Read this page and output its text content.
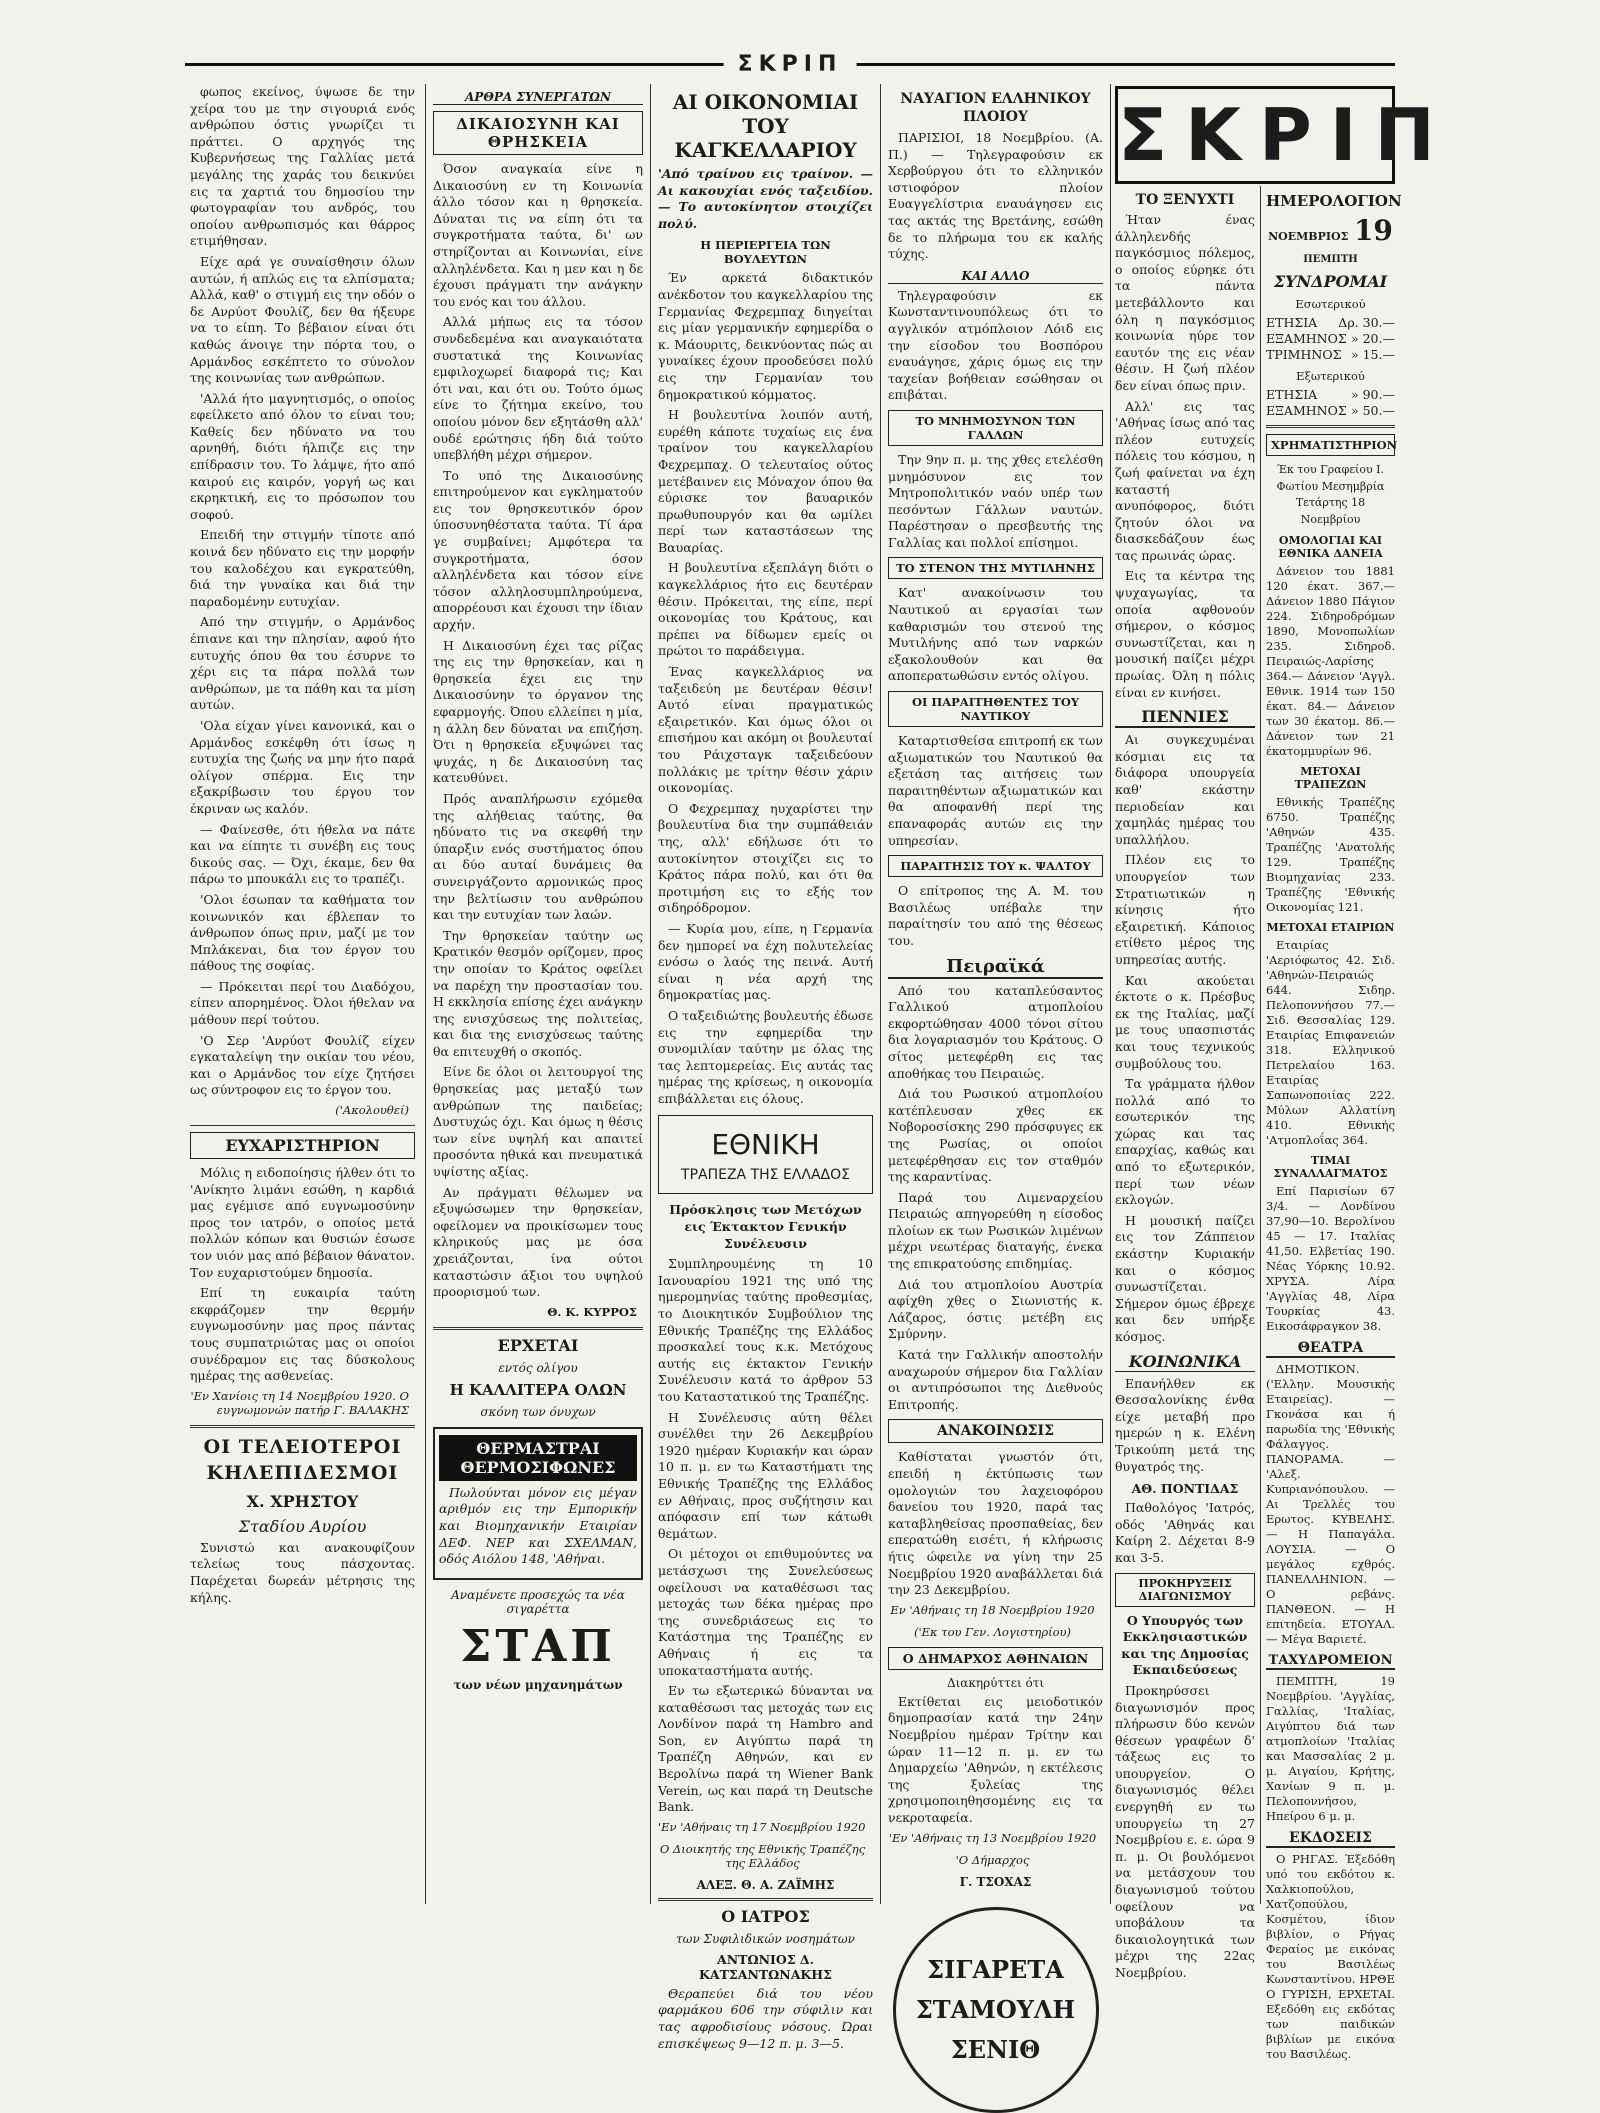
ΣΚΡΙΠ

φωπος εκείνος, ύψωσε δε την χείρα του με την σιγουριά ενός ανθρώπου όστις γνωρίζει τι πράττει. Ο αρχηγός της Κυβερνήσεως της Γαλλίας μετά μεγάλης της χαράς του δεικνύει εις τα χαρτιά του δημοσίου την φωτογραφίαν του ανδρός, του οποίου ανθρωπισμός και θάρρος ετιμήθησαν.

Είχε αρά γε συναίσθησιν όλων αυτών, ή απλώς εις τα ελπίσματα; Αλλά, καθ' ο στιγμή εις την οδόν ο δε Ανρύοτ Φουλίζ, δεν θα ήξευρε να το είπη. Το βέβαιον είναι ότι καθώς άνοιγε την πόρτα του, ο Αρμάνδος εσκέπτετο το σύνολον της κοινωνίας των ανθρώπων.

'Αλλά ήτο μαγνητισμός, ο οποίος εφείλκετο από όλον το είναι του; Καθείς δεν ηδύνατο να του αρνηθή, διότι ήλπιζε εις την επίδρασιν του. Το λάμψε, ήτο από καιρού εις καιρόν, γοργή ως και εκρηκτική, εις το πρόσωπον του σοφού.

Επειδή την στιγμήν τίποτε από κοινά δεν ηδύνατο εις την μορφήν του καλοδέχου και εγκρατεύθη, διά την γυναίκα και διά την παραδομένην ευτυχίαν.

Από την στιγμήν, ο Αρμάνδος έπιανε και την πλησίαν, αφού ήτο ευτυχής όπου θα του έσυρνε το χέρι εις τα πάρα πολλά των ανθρώπων, με τα πάθη και τα μίση αυτών.

'Ολα είχαν γίνει κανονικά, και ο Αρμάνδος εσκέφθη ότι ίσως η ευτυχία της ζωής να μην ήτο παρά ολίγον σπέρμα. Εις την εξακρίβωσιν του έργου τον έκριναν ως καλόν.

— Φαίνεσθε, ότι ήθελα να πάτε και να είπητε τι συνέβη εις τους δικούς σας. — Όχι, έκαμε, δεν θα πάρω το μπουκάλι εις το τραπέζι.

'Ολοι έσωπαν τα καθήματα τον κοινωνικόν και έβλεπαν το άνθρωπον όπως πριν, μαζί με τον Μπλάκεναι, δια τον έργον του πάθους της σοφίας.

— Πρόκειται περί του Διαδόχου, είπεν απορημένος. Όλοι ήθελαν να μάθουν περί τούτου.

'Ο Σερ 'Ανρύοτ Φουλίζ είχεν εγκαταλείψη την οικίαν του νέου, και ο Αρμάνδος τον είχε ζητήσει ως σύντροφον εις το έργον του.

('Ακολουθεί)
ΕΥΧΑΡΙΣΤΗΡΙΟΝ

Μόλις η ειδοποίησις ήλθεν ότι το 'Ανίκητο λιμάνι εσώθη, η καρδιά μας εγέμισε από ευγνωμοσύνην προς τον ιατρόν, ο οποίος μετά πολλών κόπων και θυσιών έσωσε τον υιόν μας από βέβαιον θάνατον. Τον ευχαριστούμεν δημοσία.

Επί τη ευκαιρία ταύτη εκφράζομεν την θερμήν ευγνωμοσύνην μας προς πάντας τους συμπατριώτας μας οι οποίοι συνέδραμον εις τας δύσκολους ημέρας της ασθενείας.

'Εν Χανίοις τη 14 Νοεμβρίου 1920. Ο ευγνωμονών πατήρ Γ. ΒΑΛΑΚΗΣ
ΟΙ ΤΕΛΕΙΟΤΕΡΟΙ ΚΗΛΕΠΙΔΕΣΜΟΙ
Χ. ΧΡΗΣΤΟΥ
Σταδίου Αυρίου

Συνιστώ και ανακουφίζουν τελείως τους πάσχοντας. Παρέχεται δωρεάν μέτρησις της κήλης.

ΑΡΘΡΑ ΣΥΝΕΡΓΑΤΩΝ
ΔΙΚΑΙΟΣΥΝΗ ΚΑΙ ΘΡΗΣΚΕΙΑ

Όσον αναγκαία είνε η Δικαιοσύνη εν τη Κοινωνία άλλο τόσον και η θρησκεία. Δύναται τις να είπη ότι τα συγκροτήματα ταύτα, δι' ων στηρίζονται αι Κοινωνίαι, είνε αλληλένδετα. Και η μεν και η δε έχουσι πράγματι την ανάγκην του ενός και του άλλου.

Αλλά μήπως εις τα τόσον συνδεδεμένα και αναγκαιότατα συστατικά της Κοινωνίας εμφιλοχωρεί διαφορά τις; Και ότι ναι, και ότι ου. Τούτο όμως είνε το ζήτημα εκείνο, του οποίου μόνον δεν εξητάσθη αλλ' ουδέ ερώτησις ήδη διά τούτο υπεβλήθη μέχρι σήμερον.

Το υπό της Δικαιοσύνης επιτηρούμενον και εγκληματούν εις τον θρησκευτικόν όρον ύποσυνηθέστατα ταύτα. Τί άρα γε συμβαίνει; Αμφότερα τα συγκροτήματα, όσον αλληλένδετα και τόσον είνε τόσον αλληλοσυμπληρούμενα, απορρέουσι και έχουσι την ίδιαν αρχήν.

Η Δικαιοσύνη έχει τας ρίζας της εις την θρησκείαν, και η θρησκεία έχει εις την Δικαιοσύνην το όργανον της εφαρμογής. Όπου ελλείπει η μία, η άλλη δεν δύναται να επιζήση. Ότι η θρησκεία εξυψώνει τας ψυχάς, η δε Δικαιοσύνη τας κατευθύνει.

Πρός αναπλήρωσιν εχόμεθα της αλήθειας ταύτης, θα ηδύνατο τις να σκεφθή την ύπαρξιν ενός συστήματος όπου αι δύο αυταί δυνάμεις θα συνειργάζοντο αρμονικώς προς την βελτίωσιν του ανθρώπου και την ευτυχίαν των λαών.

Την θρησκείαν ταύτην ως Κρατικόν θεσμόν ορίζομεν, προς την οποίαν το Κράτος οφείλει να παρέχη την προστασίαν του. Η εκκλησία επίσης έχει ανάγκην της ενισχύσεως της πολιτείας, και δια της ενισχύσεως ταύτης θα επιτευχθή ο σκοπός.

Είνε δε όλοι οι λειτουργοί της θρησκείας μας μεταξύ των ανθρώπων της παιδείας; Δυστυχώς όχι. Και όμως η θέσις των είνε υψηλή και απαιτεί προσόντα ηθικά και πνευματικά υψίστης αξίας.

Αν πράγματι θέλωμεν να εξυψώσωμεν την θρησκείαν, οφείλομεν να προικίσωμεν τους κληρικούς μας με όσα χρειάζονται, ίνα ούτοι καταστώσιν άξιοι του υψηλού προορισμού των.

Θ. Κ. ΚΥΡΡΟΣ
ΕΡΧΕΤΑΙ
εντός ολίγου
Η ΚΑΛΛΙΤΕΡΑ ΟΛΩΝ
σκόνη των όνυχων
ΘΕΡΜΑΣΤΡΑΙ ΘΕΡΜΟΣΙΦΩΝΕΣ

Πωλούνται μόνον εις μέγαν αριθμόν εις την Εμπορικήν και Βιομηχανικήν Εταιρίαν ΔΕΦ. ΝΕΡ και ΣΧΕΛΜΑΝ, οδός Αιόλου 148, 'Αθήναι.

Αναμένετε προσεχώς τα νέα σιγαρέττα
ΣΤΑΠ
των νέων μηχανημάτων
ΑΙ ΟΙΚΟΝΟΜΙΑΙ ΤΟΥ ΚΑΓΚΕΛΛΑΡΙΟΥ

'Από τραίνου εις τραίνον. — Αι κακουχίαι ενός ταξειδίου. — Το αυτοκίνητον στοιχίζει πολύ.

Η ΠΕΡΙΕΡΓΕΙΑ ΤΩΝ ΒΟΥΛΕΥΤΩΝ

Έν αρκετά διδακτικόν ανέκδοτον του καγκελλαρίου της Γερμανίας Φεχρεμπαχ διηγείται εις μίαν γερμανικήν εφημερίδα ο κ. Μάουριτς, δεικνύοντας πώς αι γυναίκες έχουν προοδεύσει πολύ εις την Γερμανίαν του δημοκρατικού κόμματος.

Η βουλευτίνα λοιπόν αυτή, ευρέθη κάποτε τυχαίως εις ένα τραίνον του καγκελλαρίου Φεχρεμπαχ. Ο τελευταίος ούτος μετέβαινεν εις Μόναχον όπου θα εύρισκε τον βαυαρικόν πρωθυπουργόν και θα ωμίλει περί των καταστάσεων της Βαυαρίας.

Η βουλευτίνα εξεπλάγη διότι ο καγκελλάριος ήτο εις δευτέραν θέσιν. Πρόκειται, της είπε, περί οικονομίας του Κράτους, και πρέπει να δίδωμεν εμείς οι πρώτοι το παράδειγμα.

Ένας καγκελλάριος να ταξειδεύη με δευτέραν θέσιν! Αυτό είναι πραγματικώς εξαιρετικόν. Και όμως όλοι οι επισήμου και ακόμη οι βουλευταί του Ράιχσταγκ ταξειδεύουν πολλάκις με τρίτην θέσιν χάριν οικονομίας.

Ο Φεχρεμπαχ ηυχαρίστει την βουλευτίνα δια την συμπάθειάν της, αλλ' εδήλωσε ότι το αυτοκίνητον στοιχίζει εις το Κράτος πάρα πολύ, και ότι θα προτιμήση εις το εξής τον σιδηρόδρομον.

— Κυρία μου, είπε, η Γερμανία δεν ημπορεί να έχη πολυτελείας ενόσω ο λαός της πεινά. Αυτή είναι η νέα αρχή της δημοκρατίας μας.

Ο ταξειδιώτης βουλευτής έδωσε εις την εφημερίδα την συνομιλίαν ταύτην με όλας της τας λεπτομερείας. Εις αυτάς τας ημέρας της κρίσεως, η οικονομία επιβάλλεται εις όλους.

ΕΘΝΙΚΗ
ΤΡΑΠΕΖΑ ΤΗΣ ΕΛΛΑΔΟΣ

Πρόσκλησις των Μετόχων εις Έκτακτον Γενικήν Συνέλευσιν

Συμπληρουμένης τη 10 Ιανουαρίου 1921 της υπό της ημερομηνίας ταύτης προθεσμίας, το Διοικητικόν Συμβούλιον της Εθνικής Τραπέζης της Ελλάδος προσκαλεί τους κ.κ. Μετόχους αυτής εις έκτακτον Γενικήν Συνέλευσιν κατά το άρθρον 53 του Καταστατικού της Τραπέζης.

Η Συνέλευσις αύτη θέλει συνέλθει την 26 Δεκεμβρίου 1920 ημέραν Κυριακήν και ώραν 10 π. μ. εν τω Καταστήματι της Εθνικής Τραπέζης της Ελλάδος εν Αθήναις, προς συζήτησιν και απόφασιν επί των κάτωθι θεμάτων.

Οι μέτοχοι οι επιθυμούντες να μετάσχωσι της Συνελεύσεως οφείλουσι να καταθέσωσι τας μετοχάς των δέκα ημέρας προ της συνεδριάσεως εις το Κατάστημα της Τραπέζης εν Αθήναις ή εις τα υποκαταστήματα αυτής.

Εν τω εξωτερικώ δύνανται να καταθέσωσι τας μετοχάς των εις Λονδίνον παρά τη Hambro and Son, εν Αιγύπτω παρά τη Τραπέζη Αθηνών, και εν Βερολίνω παρά τη Wiener Bank Verein, ως και παρά τη Deutsche Bank.

'Εν 'Αθήναις τη 17 Νοεμβρίου 1920
Ο Διοικητής της Εθνικής Τραπέζης της Ελλάδος
ΑΛΕΞ. Θ. Α. ΖΑΪΜΗΣ
Ο ΙΑΤΡΟΣ
των Συφιλιδικών νοσημάτων
ΑΝΤΩΝΙΟΣ Δ. ΚΑΤΣΑΝΤΩΝΑΚΗΣ

Θεραπεύει διά του νέου φαρμάκου 606 την σύφιλιν και τας αφροδισίους νόσους. Ώραι επισκέψεως 9—12 π. μ. 3—5.

ΝΑΥΑΓΙΟΝ ΕΛΛΗΝΙΚΟΥ ΠΛΟΙΟΥ

ΠΑΡΙΣΙΟΙ, 18 Νοεμβρίου. (Α. Π.) — Τηλεγραφούσιν εκ Χερβούργου ότι το ελληνικόν ιστιοφόρον πλοίον Ευαγγελίστρια εναυάγησεν εις τας ακτάς της Βρετάνης, εσώθη δε το πλήρωμα του εκ καλής τύχης.

ΚΑΙ ΑΛΛΟ

Τηλεγραφούσιν εκ Κωνσταντινουπόλεως ότι το αγγλικόν ατμόπλοιον Λόιδ εις την είσοδον του Βοσπόρου εναυάγησε, χάρις όμως εις την ταχείαν βοήθειαν εσώθησαν οι επιβάται.

ΤΟ ΜΝΗΜΟΣΥΝΟΝ ΤΩΝ ΓΑΛΛΩΝ

Την 9ην π. μ. της χθες ετελέσθη μνημόσυνον εις τον Μητροπολιτικόν ναόν υπέρ των πεσόντων Γάλλων ναυτών. Παρέστησαν ο πρεσβευτής της Γαλλίας και πολλοί επίσημοι.

ΤΟ ΣΤΕΝΟΝ ΤΗΣ ΜΥΤΙΛΗΝΗΣ

Κατ' ανακοίνωσιν του Ναυτικού αι εργασίαι των καθαρισμών του στενού της Μυτιλήνης από των ναρκών εξακολουθούν και θα αποπερατωθώσιν εντός ολίγου.

ΟΙ ΠΑΡΑΙΤΗΘΕΝΤΕΣ ΤΟΥ ΝΑΥΤΙΚΟΥ

Καταρτισθείσα επιτροπή εκ των αξιωματικών του Ναυτικού θα εξετάση τας αιτήσεις των παραιτηθέντων αξιωματικών και θα αποφανθή περί της επαναφοράς αυτών εις την υπηρεσίαν.

ΠΑΡΑΙΤΗΣΙΣ ΤΟΥ κ. ΨΑΛΤΟΥ

Ο επίτροπος της Α. Μ. του Βασιλέως υπέβαλε την παραίτησίν του από της θέσεως του.

Πειραϊκά

Από του καταπλεύσαντος Γαλλικού ατμοπλοίου εκφορτώθησαν 4000 τόνοι σίτου δια λογαριασμόν του Κράτους. Ο σίτος μετεφέρθη εις τας αποθήκας του Πειραιώς.

Διά του Ρωσικού ατμοπλοίου κατέπλευσαν χθες εκ Νοβοροσίσκης 290 πρόσφυγες εκ της Ρωσίας, οι οποίοι μετεφέρθησαν εις τον σταθμόν της καραντίνας.

Παρά του Λιμεναρχείου Πειραιώς απηγορεύθη η είσοδος πλοίων εκ των Ρωσικών λιμένων μέχρι νεωτέρας διαταγής, ένεκα της επικρατούσης επιδημίας.

Διά του ατμοπλοίου Αυστρία αφίχθη χθες ο Σιωνιστής κ. Λάζαρος, όστις μετέβη εις Σμύρνην.

Κατά την Γαλλικήν αποστολήν αναχωρούν σήμερον δια Γαλλίαν οι αντιπρόσωποι της Διεθνούς Επιτροπής.

ΑΝΑΚΟΙΝΩΣΙΣ

Καθίσταται γνωστόν ότι, επειδή η έκτύπωσις των ομολογιών του λαχειοφόρου δανείου του 1920, παρά τας καταβληθείσας προσπαθείας, δεν επερατώθη εισέτι, ή κλήρωσις ήτις ώφειλε να γίνη την 25 Νοεμβρίου 1920 αναβάλλεται διά την 23 Δεκεμβρίου.

Εν 'Αθήναις τη 18 Νοεμβρίου 1920
('Εκ του Γεν. Λογιστηρίου)
Ο ΔΗΜΑΡΧΟΣ ΑΘΗΝΑΙΩΝ
Διακηρύττει ότι

Εκτίθεται εις μειοδοτικόν δημοπρασίαν κατά την 24ην Νοεμβρίου ημέραν Τρίτην και ώραν 11—12 π. μ. εν τω Δημαρχείω 'Αθηνών, η εκτέλεσις της ξυλείας της χρησιμοποιηθησομένης εις τα νεκροταφεία.

'Εν 'Αθήναις τη 13 Νοεμβρίου 1920
'Ο Δήμαρχος
Γ. ΤΣΟΧΑΣ
ΣΙΓΑΡΕΤΑ
ΣΤΑΜΟΥΛΗ
ΣΕΝΙΘ
ΣΚΡΙΠ
ΤΟ ΞΕΝΥΧΤΙ

Ήταν ένας άλληλενδής παγκόσμιος πόλεμος, ο οποίος εύρηκε ότι τα πάντα μετεβάλλοντο και όλη η παγκόσμιος κοινωνία ηύρε τον εαυτόν της εις νέαν θέσιν. Η ζωή πλέον δεν είναι όπως πριν.

Αλλ' εις τας 'Αθήνας ίσως από τας πλέον ευτυχείς πόλεις του κόσμου, η ζωή φαίνεται να έχη καταστή ανυπόφορος, διότι ζητούν όλοι να διασκεδάζουν έως τας πρωινάς ώρας.

Εις τα κέντρα της ψυχαγωγίας, τα οποία αφθονούν σήμερον, ο κόσμος συνωστίζεται, και η μουσική παίζει μέχρι πρωίας. Όλη η πόλις είναι εν κινήσει.

ΠΕΝΝΙΕΣ

Αι συγκεχυμέναι κόσμιαι εις τα διάφορα υπουργεία καθ' εκάστην περιοδείαν και χαμηλάς ημέρας του υπαλλήλου.

Πλέον εις το υπουργείον των Στρατιωτικών η κίνησις ήτο εξαιρετική. Κάποιος ετίθετο μέρος της υπηρεσίας αυτής.

Και ακούεται έκτοτε ο κ. Πρέσβυς εκ της Ιταλίας, μαζί με τους υπασπιστάς και τους τεχνικούς συμβούλους του.

Τα γράμματα ήλθον πολλά από το εσωτερικόν της χώρας και τας επαρχίας, καθώς και από το εξωτερικόν, περί των νέων εκλογών.

Η μουσική παίζει εις τον Ζάππειον εκάστην Κυριακήν και ο κόσμος συνωστίζεται. Σήμερον όμως έβρεχε και δεν υπήρξε κόσμος.

ΚΟΙΝΩΝΙΚΑ

Επανήλθεν εκ Θεσσαλονίκης ένθα είχε μεταβή προ ημερών η κ. Ελένη Τρικούπη μετά της θυγατρός της.

ΑΘ. ΠΟΝΤΙΔΑΣ

Παθολόγος 'Ιατρός, οδός 'Αθηνάς και Καίρη 2. Δέχεται 8-9 και 3-5.

ΠΡΟΚΗΡΥΞΕΙΣ ΔΙΑΓΩΝΙΣΜΟΥ

Ο Υπουργός των Εκκλησιαστικών και της Δημοσίας Εκπαιδεύσεως

Προκηρύσσει διαγωνισμόν προς πλήρωσιν δύο κενών θέσεων γραφέων δ' τάξεως εις το υπουργείον. Ο διαγωνισμός θέλει ενεργηθή εν τω υπουργείω τη 27 Νοεμβρίου ε. ε. ώρα 9 π. μ. Οι βουλόμενοι να μετάσχουν του διαγωνισμού τούτου οφείλουν να υποβάλουν τα δικαιολογητικά των μέχρι της 22ας Νοεμβρίου.

ΗΜΕΡΟΛΟΓΙΟΝ
ΝΟΕΜΒΡΙΟΣ 19 ΠΕΜΠΤΗ
ΣΥΝΔΡΟΜΑΙ
Εσωτερικού
ΕΤΗΣΙΑ Δρ. 30.—
ΕΞΑΜΗΝΟΣ » 20.—
ΤΡΙΜΗΝΟΣ » 15.—
Εξωτερικού
ΕΤΗΣΙΑ	» 90.—
ΕΞΑΜΗΝΟΣ » 50.—
ΧΡΗΜΑΤΙΣΤΗΡΙΟΝ

Έκ του Γραφείου Ι. Φωτίου Μεσημβρία Τετάρτης 18 Νοεμβρίου

ΟΜΟΛΟΓΙΑΙ ΚΑΙ ΕΘΝΙΚΑ ΔΑΝΕΙΑ

Δάνειον του 1881 120 έκατ. 367.— Δάνειον 1880 Πάγιον 224. Σιδηροδρόμων 1890, Μονοπωλίων 235. Σιδηροδ. Πειραιώς-Λαρίσης 364.— Δάνειον 'Αγγλ. Εθνικ. 1914 των 150 έκατ. 84.— Δάνειον των 30 έκατομ. 86.— Δάνειον των 21 έκατομμυρίων 96.

ΜΕΤΟΧΑΙ ΤΡΑΠΕΖΩΝ

Εθνικής Τραπέζης 6750. Τραπέζης 'Αθηνών 435. Τραπέζης 'Ανατολής 129. Τραπέζης Βιομηχανίας 233. Τραπέζης 'Εθνικής Οικονομίας 121.

ΜΕΤΟΧΑΙ ΕΤΑΙΡΙΩΝ

Εταιρίας 'Αεριόφωτος 42. Σιδ. 'Αθηνών-Πειραιώς 644. Σιδηρ. Πελοποννήσου 77.— Σιδ. Θεσσαλίας 129. Εταιρίας Επιφανειών 318. Ελληνικού Πετρελαίου 163. Εταιρίας Σαπωνοποιίας 222. Μύλων Αλλατίνη 410. Εθνικής 'Ατμοπλοΐας 364.

ΤΙΜΑΙ ΣΥΝΑΛΛΑΓΜΑΤΟΣ

Επί Παρισίων 67 3/4. — Λονδίνου 37,90—10. Βερολίνου 45 — 17. Ιταλίας 41,50. Ελβετίας 190. Νέας Υόρκης 10.92. ΧΡΥΣΑ. Λίρα 'Αγγλίας 48, Λίρα Τουρκίας 43. Εικοσάφραγκον 38.

ΘΕΑΤΡΑ

ΔΗΜΟΤΙΚΟΝ. ('Ελλην. Μουσικής Εταιρείας). — Γκονάσα και ή παρωδία της 'Εθνικής Φάλαγγος. ΠΑΝΟΡΑΜΑ. — 'Αλεξ. Κυπριανόπουλου. — Αι Τρελλές του Ερωτος. ΚΥΒΕΛΗΣ. — Η Παπαγάλα. ΛΟΥΣΙΑ. — Ο μεγάλος εχθρός. ΠΑΝΕΛΛΗΝΙΟΝ. — Ο ρεβάνς. ΠΑΝΘΕΟΝ. — Η επιτηδεία. ΕΤΟΥΑΛ. — Μέγα Βαριετέ.

ΤΑΧΥΔΡΟΜΕΙΟΝ

ΠΕΜΠΤΗ, 19 Νοεμβρίου. 'Αγγλίας, Γαλλίας, 'Ιταλίας, Αιγύπτου διά των ατμοπλοίων 'Ιταλίας και Μασσαλίας 2 μ. μ. Αιγαίου, Κρήτης, Χανίων 9 π. μ. Πελοποννήσου, Ηπείρου 6 μ. μ.

ΕΚΔΟΣΕΙΣ

Ο ΡΗΓΑΣ. Έξεδόθη υπό του εκδότου κ. Χαλκιοπούλου, Χατζοπούλου, Κοσμέτου, ίδιον βιβλίον, ο Ρήγας Φεραίος με εικόνας του Βασιλέως Κωνσταντίνου. ΗΡΘΕ Ο ΓΥΡΙΣΗ, ΕΡΧΕΤΑΙ. Εξεδόθη εις εκδότας των παιδικών βιβλίων με εικόνα του Βασιλέως.
